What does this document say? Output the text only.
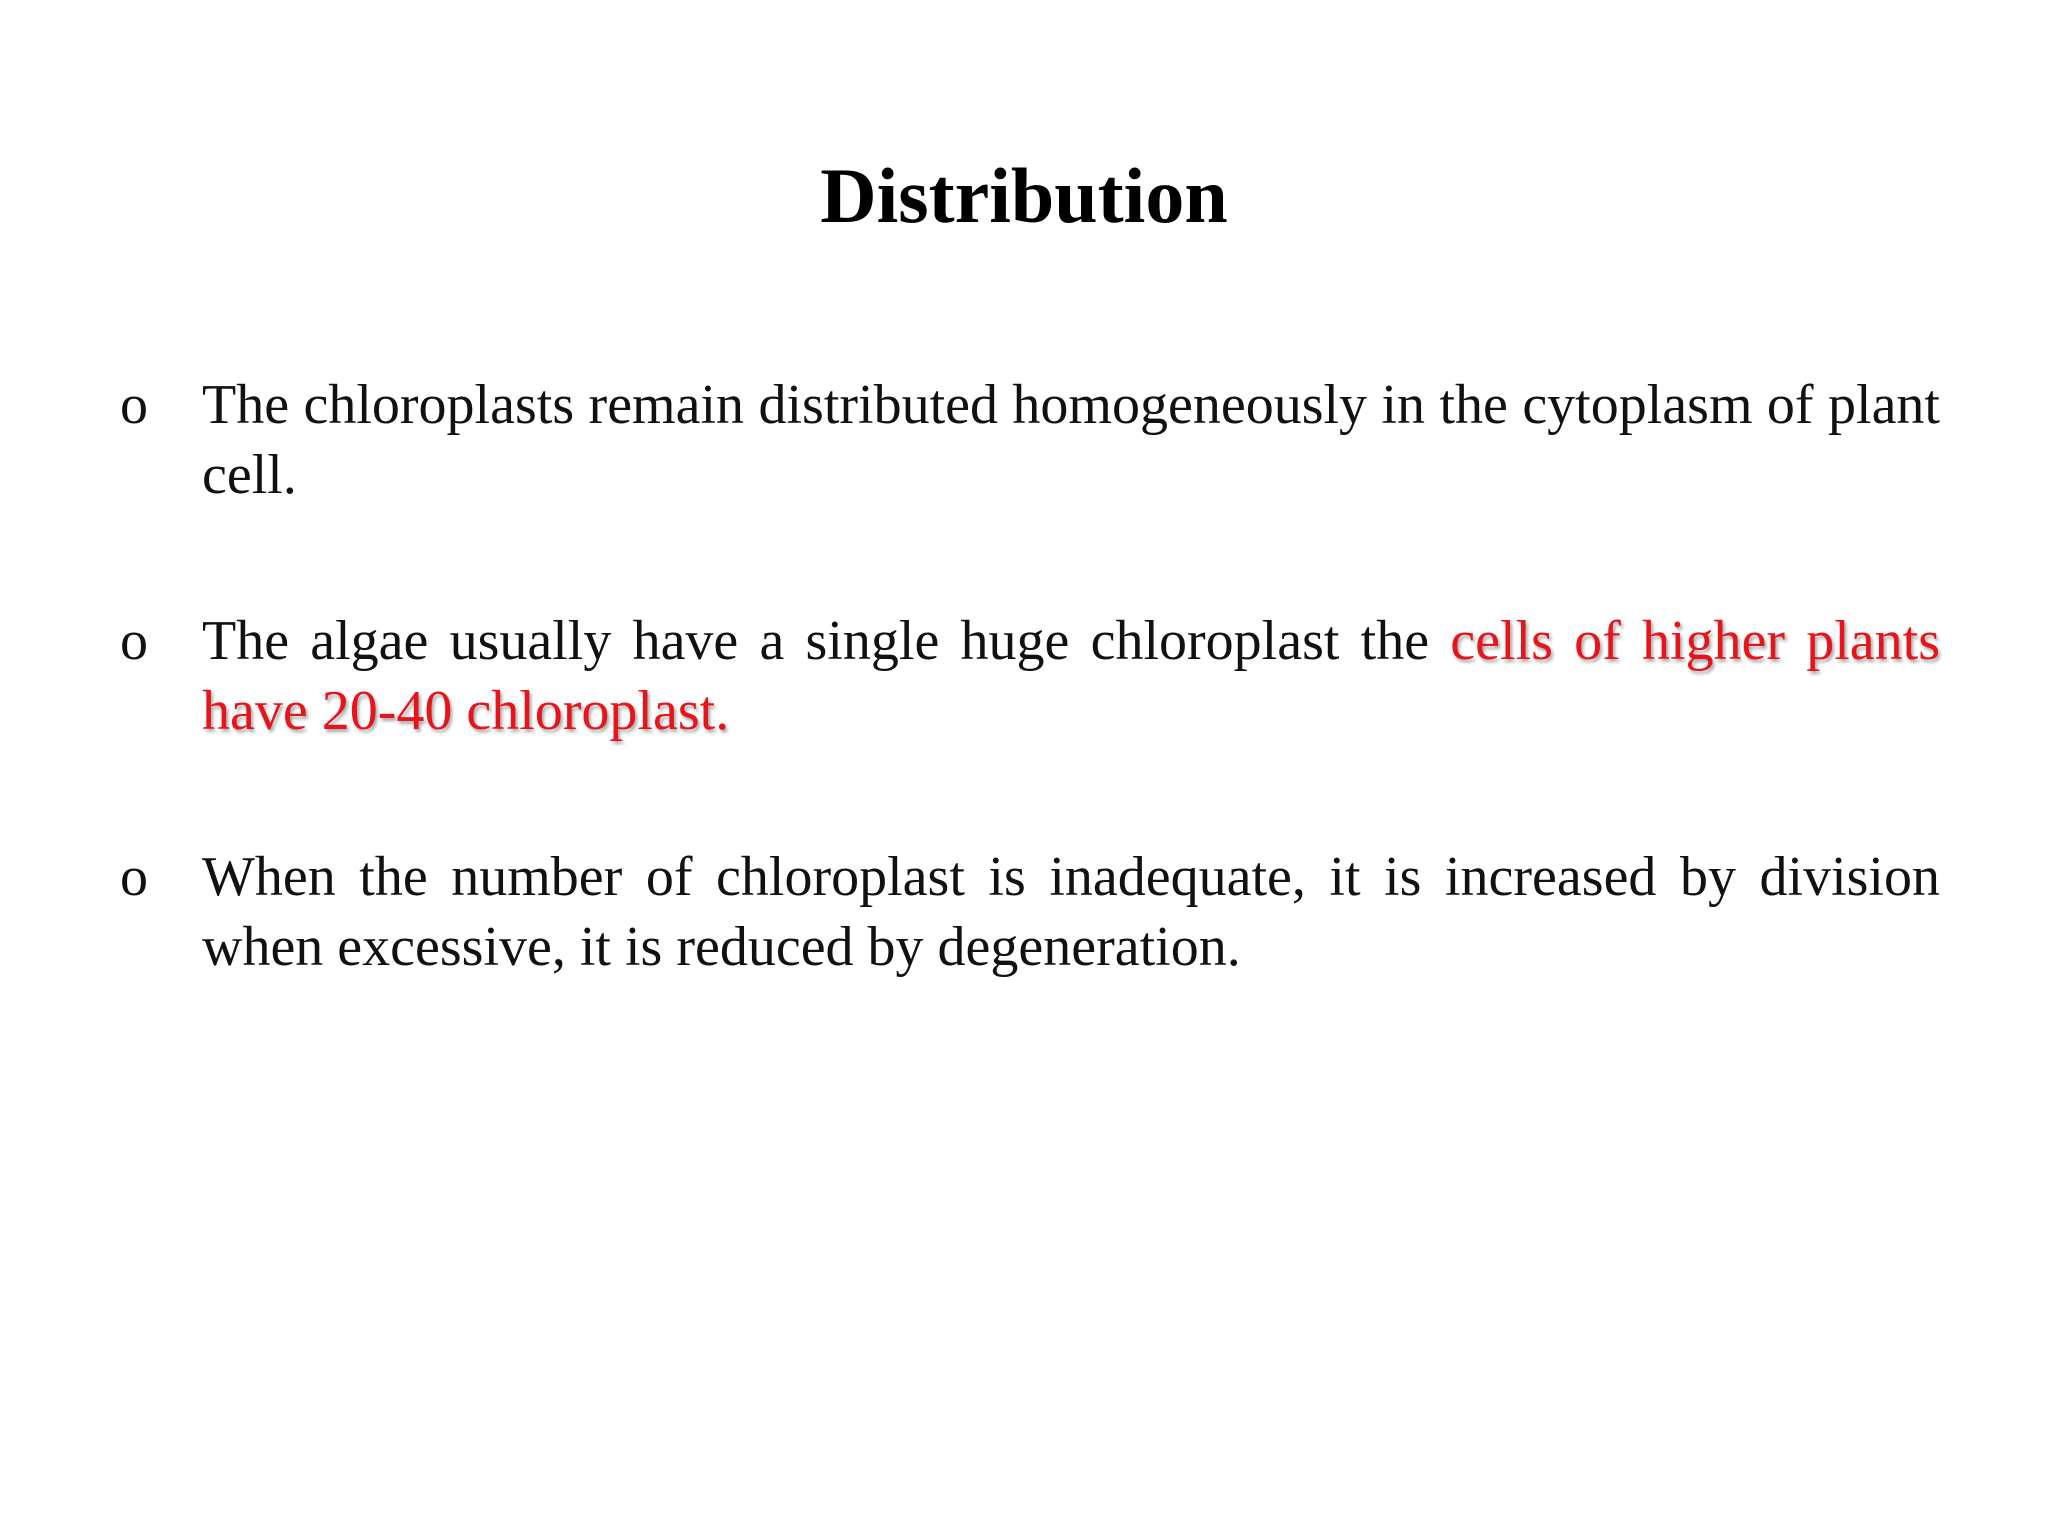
Distribution
o The chloroplasts remain distributed homogeneously in the cytoplasm of plant cell.
o The algae usually have a single huge chloroplast the cells of higher plants have 20-40 chloroplast.
o When the number of chloroplast is inadequate, it is increased by division when excessive, it is reduced by degeneration.
